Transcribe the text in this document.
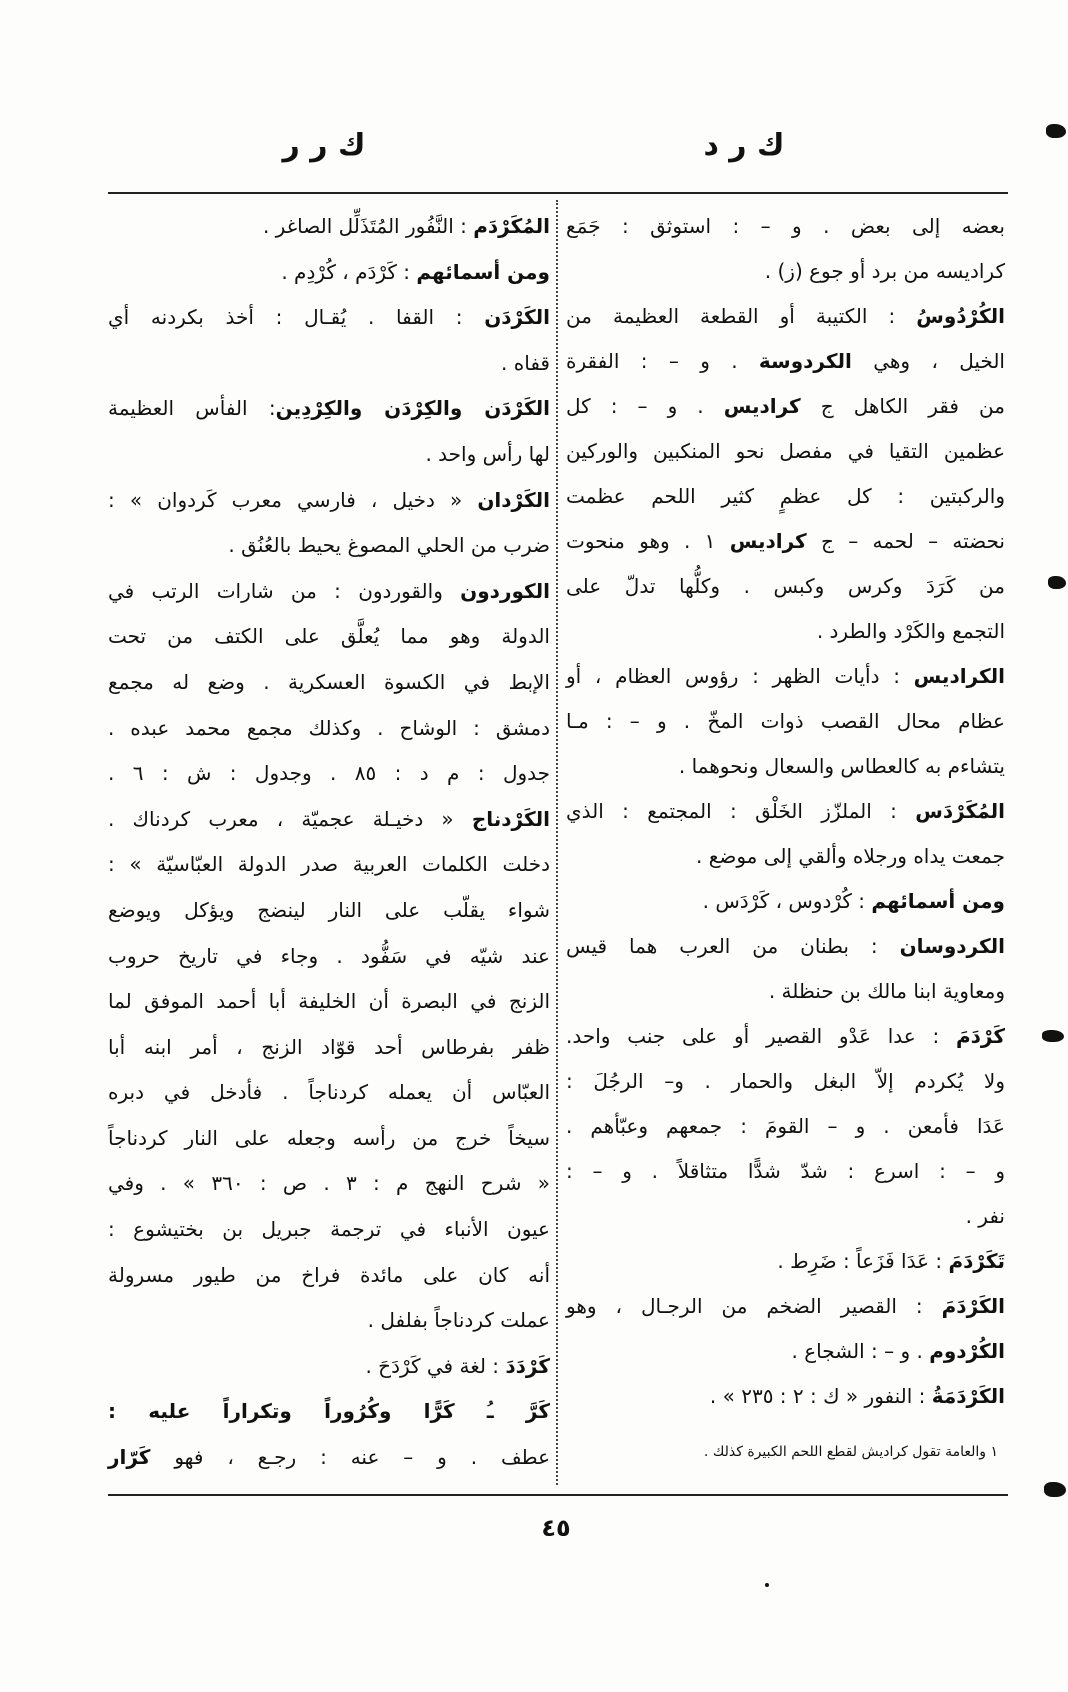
ك ر د
ك ر ر
بعضه إلى بعض . و – : استوثق : جَمَع
كراديسه من برد أو جوع (ز) .
الكُرْدُوسُ : الكتيبة أو القطعة العظيمة من
الخيل ، وهي الكردوسة . و – : الفقرة
من فقر الكاهل ج كراديس . و – : كل
عظمين التقيا في مفصل نحو المنكبين والوركين
والركبتين : كل عظمٍ كثير اللحم عظمت
نحضته – لحمه – ج كراديس ١ . وهو منحوت
من كَرَدَ وكرس وكبس . وكلُّها تدلّ على
التجمع والكَرْد والطرد .
الكراديس : دأيات الظهر : رؤوس العظام ، أو
عظام محال القصب ذوات المخّ . و – : مـا
يتشاءم به كالعطاس والسعال ونحوهما .
المُكَرْدَس : الملزّز الخَلْق : المجتمع : الذي
جمعت يداه ورجلاه وألقي إلى موضع .
ومن أسمائهم : كُرْدوس ، كَرْدَس .
الكردوسان : بطنان من العرب هما قيس
ومعاوية ابنا مالك بن حنظلة .
كَرْدَمَ : عدا عَدْو القصير أو على جنب واحد.
ولا يُكردم إلاّ البغل والحمار . و– الرجُلَ :
عَدَا فأمعن . و – القومَ : جمعهم وعبّأهم .
و – : اسرع : شدّ شدًّا متثاقلاً . و – :
نفر .
تَكَرْدَمَ : عَدَا فَزَعاً : ضَرِط .
الكَرْدَمَ : القصير الضخم من الرجـال ، وهو
الكُرْدوم . و – : الشجاع .
الكَرْدَمَةُ : النفور « ك : ٢ : ٢٣٥ » .
المُكَرْدَم : النَّفُور المُتَذَلِّل الصاغر .
ومن أسمائهم : كَرْدَم ، كُرْدِم .
الكَرْدَن : القفا . يُقـال : أخذ بكردنه أي
قفاه .
الكَرْدَن والكِرْدَن والكِرْدِين: الفأس العظيمة
لها رأس واحد .
الكَرْدان « دخيل ، فارسي معرب كَردوان » :
ضرب من الحلي المصوغ يحيط بالعُنُق .
الكوردون والقوردون : من شارات الرتب في
الدولة وهو مما يُعلَّق على الكتف من تحت
الإبط في الكسوة العسكرية . وضع له مجمع
دمشق : الوشاح . وكذلك مجمع محمد عبده .
جدول : م د : ٨٥ . وجدول : ش : ٦ .
الكَرْدناج « دخيـلة عجميّة ، معرب كردناك .
دخلت الكلمات العربية صدر الدولة العبّاسيّة » :
شواء يقلّب على النار لينضج ويؤكل ويوضع
عند شيّه في سَفُّود . وجاء في تاريخ حروب
الزنج في البصرة أن الخليفة أبا أحمد الموفق لما
ظفر بفرطاس أحد قوّاد الزنج ، أمر ابنه أبا
العبّاس أن يعمله كردناجاً . فأدخل في دبره
سيخاً خرج من رأسه وجعله على النار كردناجاً
« شرح النهج م : ٣ . ص : ٣٦٠ » . وفي
عيون الأنباء في ترجمة جبريل بن بختيشوع :
أنه كان على مائدة فراخ من طيور مسرولة
عملت كردناجاً بفلفل .
كَرْدَدَ : لغة في كَرْدَحَ .
كَرَّ ـُ كَرًّا وكُرُوراً وتكراراً عليه :
عطف . و – عنه : رجـع ، فهو كَرّار	١ والعامة تقول كراديش لقطع اللحم الكبيرة كذلك .
٤٥
